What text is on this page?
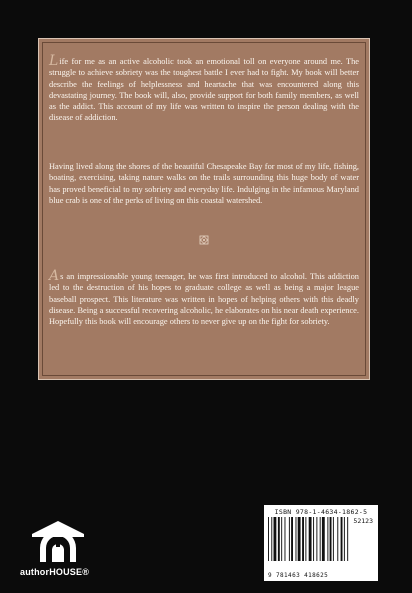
Life for me as an active alcoholic took an emotional toll on everyone around me. The struggle to achieve sobriety was the toughest battle I ever had to fight. My book will better describe the feelings of helplessness and heartache that was encountered along this devastating journey. The book will, also, provide support for both family members, as well as the addict. This account of my life was written to inspire the person dealing with the disease of addiction.

Having lived along the shores of the beautiful Chesapeake Bay for most of my life, fishing, boating, exercising, taking nature walks on the trails surrounding this huge body of water has proved beneficial to my sobriety and everyday life. Indulging in the infamous Maryland blue crab is one of the perks of living on this coastal watershed.

As an impressionable young teenager, he was first introduced to alcohol. This addiction led to the destruction of his hopes to graduate college as well as being a major league baseball prospect. This literature was written in hopes of helping others with this deadly disease. Being a successful recovering alcoholic, he elaborates on his near death experience. Hopefully this book will encourage others to never give up on the fight for sobriety.

authorHOUSE®
ISBN 978-1-4634-1862-5
52123
9 781463 418625
